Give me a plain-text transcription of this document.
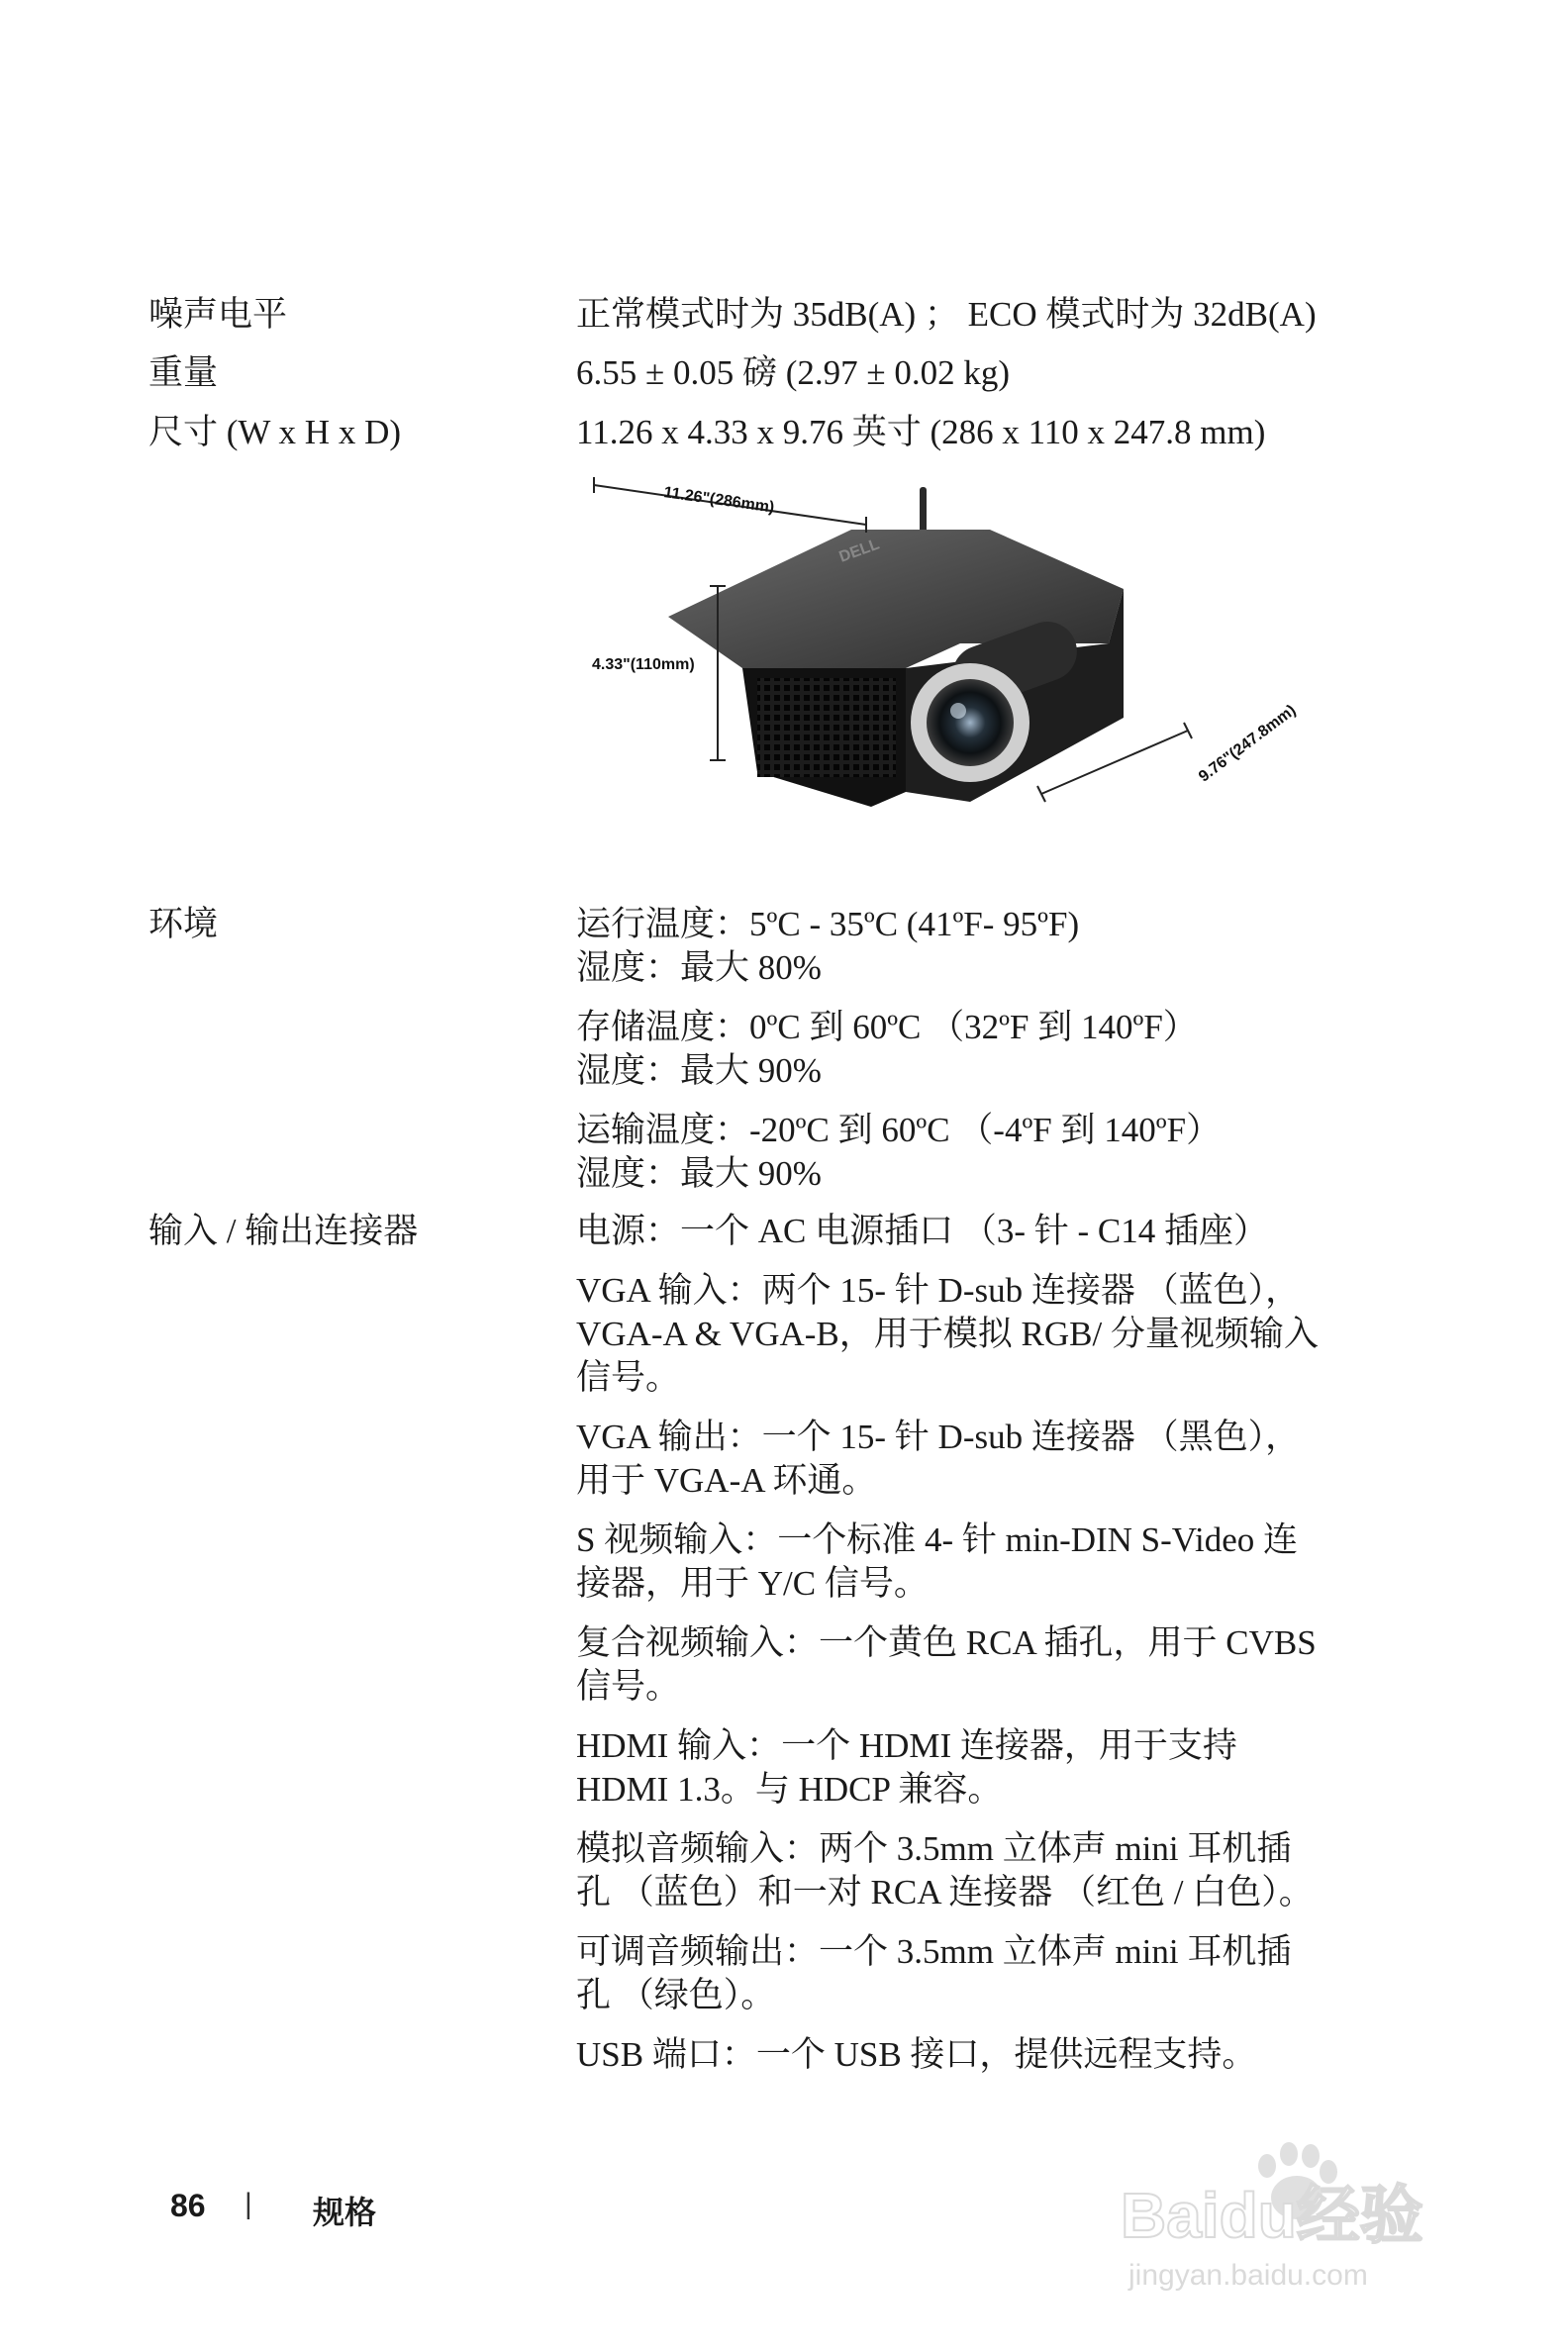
噪声电平	正常模式时为 35dB(A) ； ECO 模式时为 32dB(A)
重量	6.55 ± 0.05 磅 (2.97 ± 0.02 kg)
尺寸 (W x H x D)	11.26 x 4.33 x 9.76 英寸 (286 x 110 x 247.8 mm)
DELL
11.26"(286mm)
4.33"(110mm)
9.76"(247.8mm)
环境	运行温度：5ºC - 35ºC (41ºF- 95ºF)
湿度：最大 80%
存储温度：0ºC 到 60ºC （32ºF 到 140ºF）
湿度：最大 90%
运输温度：-20ºC 到 60ºC （-4ºF 到 140ºF）
湿度：最大 90%
输入 / 输出连接器	电源：一个 AC 电源插口 （3- 针 - C14 插座）
VGA 输入：两个 15- 针 D-sub 连接器 （蓝色），
VGA-A & VGA-B，用于模拟 RGB/ 分量视频输入
信号。
VGA 输出：一个 15- 针 D-sub 连接器 （黑色），
用于 VGA-A 环通。
S 视频输入：一个标准 4- 针 min-DIN S-Video 连
接器，用于 Y/C 信号。
复合视频输入：一个黄色 RCA 插孔，用于 CVBS
信号。
HDMI 输入：一个 HDMI 连接器，用于支持
HDMI 1.3。与 HDCP 兼容。
模拟音频输入：两个 3.5mm 立体声 mini 耳机插
孔 （蓝色）和一对 RCA 连接器 （红色 / 白色）。
可调音频输出：一个 3.5mm 立体声 mini 耳机插
孔 （绿色）。
USB 端口：一个 USB 接口，提供远程支持。
86 | 规格	Baidu经验
jingyan.baidu.com
